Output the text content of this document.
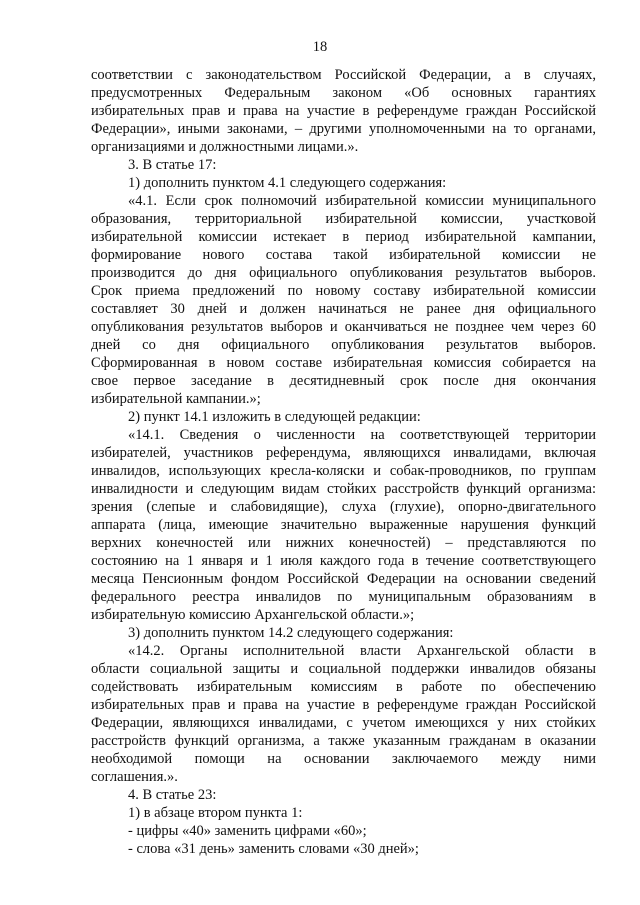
18
соответствии с законодательством Российской Федерации, а в случаях,
предусмотренных Федеральным законом «Об основных гарантиях
избирательных прав и права на участие в референдуме граждан Российской
Федерации», иными законами, – другими уполномоченными на то органами,
организациями и должностными лицами.».
3. В статье 17:
1) дополнить пунктом 4.1 следующего содержания:
«4.1. Если срок полномочий избирательной комиссии муниципального
образования, территориальной избирательной комиссии, участковой
избирательной комиссии истекает в период избирательной кампании,
формирование нового состава такой избирательной комиссии не
производится до дня официального опубликования результатов выборов.
Срок приема предложений по новому составу избирательной комиссии
составляет 30 дней и должен начинаться не ранее дня официального
опубликования результатов выборов и оканчиваться не позднее чем через 60
дней со дня официального опубликования результатов выборов.
Сформированная в новом составе избирательная комиссия собирается на
свое первое заседание в десятидневный срок после дня окончания
избирательной кампании.»;
2) пункт 14.1 изложить в следующей редакции:
«14.1. Сведения о численности на соответствующей территории
избирателей, участников референдума, являющихся инвалидами, включая
инвалидов, использующих кресла-коляски и собак-проводников, по группам
инвалидности и следующим видам стойких расстройств функций организма:
зрения (слепые и слабовидящие), слуха (глухие), опорно-двигательного
аппарата (лица, имеющие значительно выраженные нарушения функций
верхних конечностей или нижних конечностей) – представляются по
состоянию на 1 января и 1 июля каждого года в течение соответствующего
месяца Пенсионным фондом Российской Федерации на основании сведений
федерального реестра инвалидов по муниципальным образованиям в
избирательную комиссию Архангельской области.»;
3) дополнить пунктом 14.2 следующего содержания:
«14.2. Органы исполнительной власти Архангельской области в
области социальной защиты и социальной поддержки инвалидов обязаны
содействовать избирательным комиссиям в работе по обеспечению
избирательных прав и права на участие в референдуме граждан Российской
Федерации, являющихся инвалидами, с учетом имеющихся у них стойких
расстройств функций организма, а также указанным гражданам в оказании
необходимой помощи на основании заключаемого между ними
соглашения.».
4. В статье 23:
1) в абзаце втором пункта 1:
- цифры «40» заменить цифрами «60»;
- слова «31 день» заменить словами «30 дней»;
